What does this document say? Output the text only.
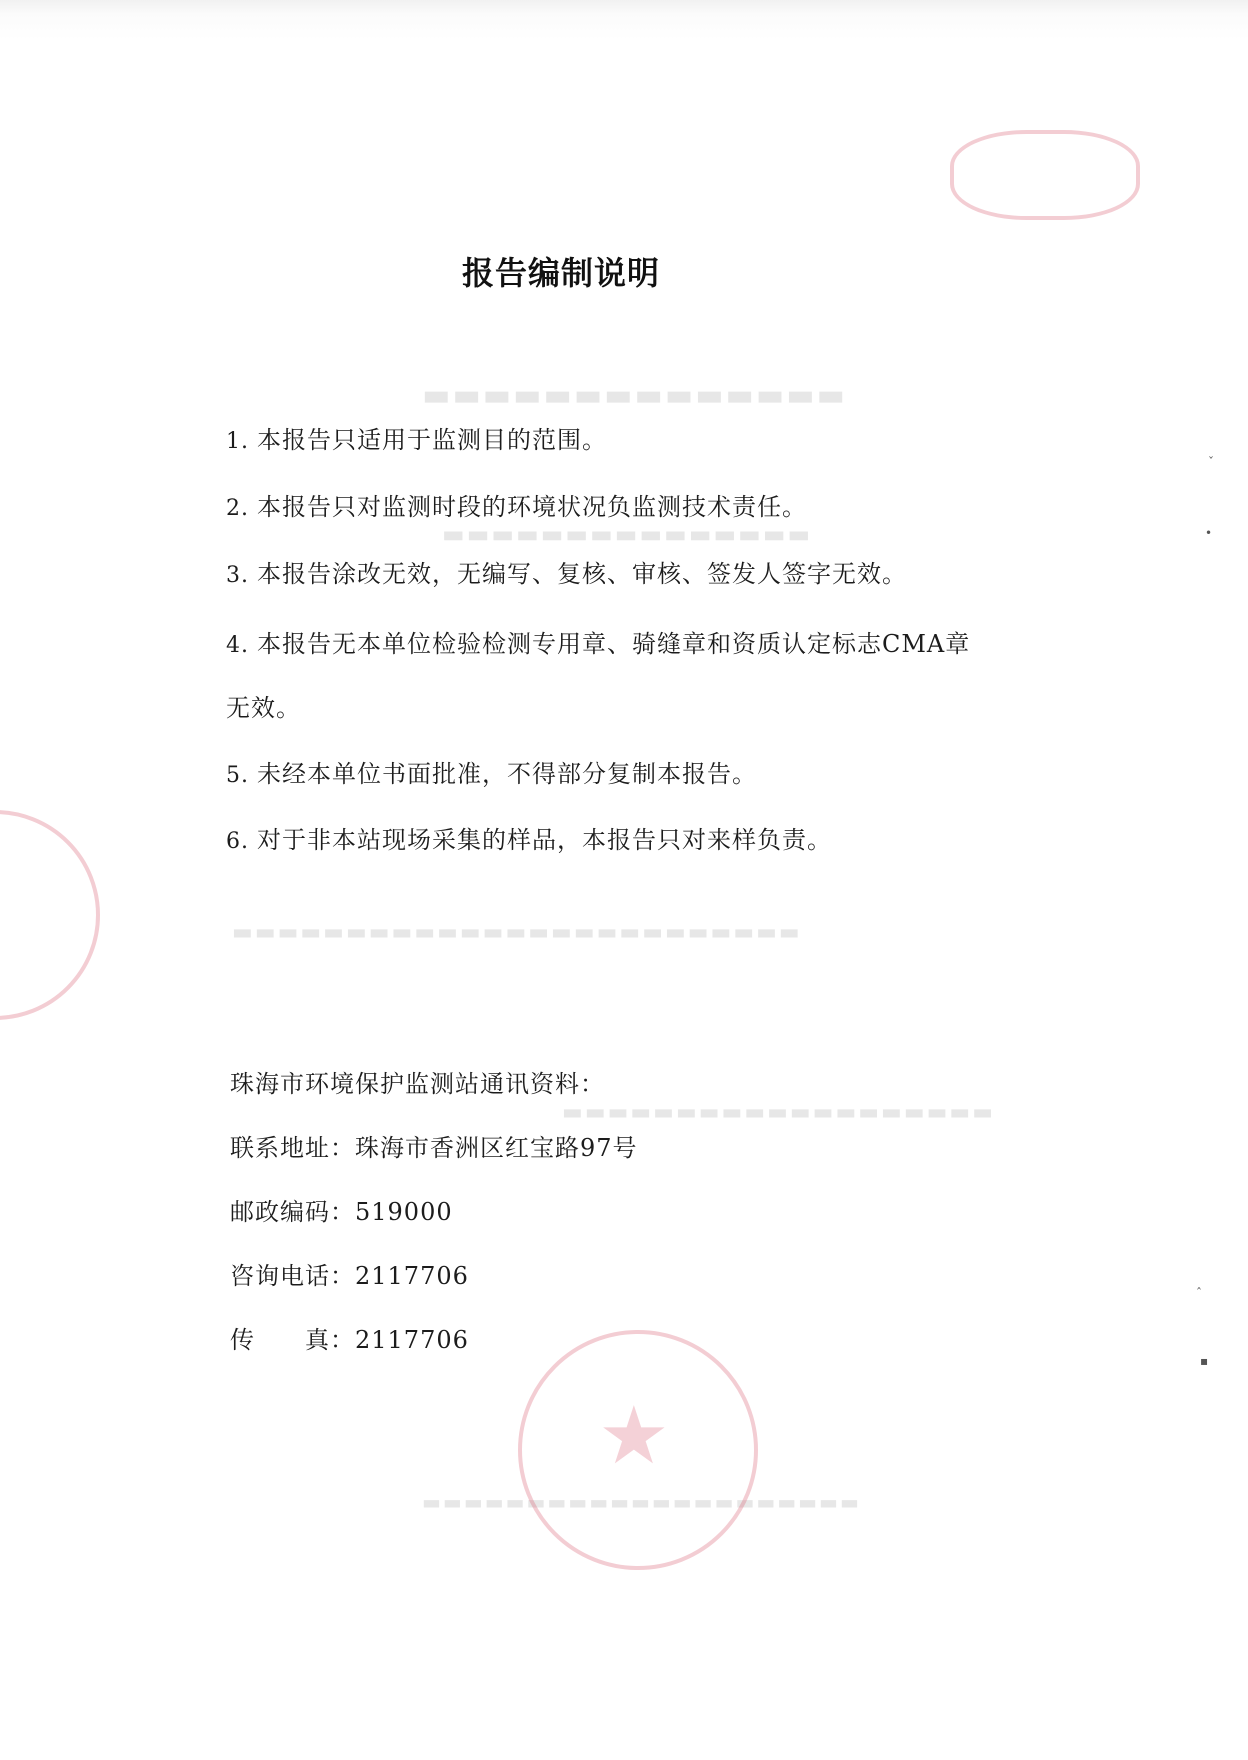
▬▬▬▬▬▬▬▬▬▬▬▬▬▬
▬▬▬▬▬▬▬▬▬▬▬▬▬▬▬
▬▬▬▬▬▬▬▬▬▬▬▬▬▬▬▬▬▬▬▬▬▬▬▬▬
▬▬▬▬▬▬▬▬▬▬▬▬▬▬▬▬▬▬▬
▬▬▬▬▬▬▬▬▬▬▬▬▬▬▬▬▬▬▬▬▬
★
ˇ
•
ˆ
▪
报告编制说明
1. 本报告只适用于监测目的范围。
2. 本报告只对监测时段的环境状况负监测技术责任。
3. 本报告涂改无效，无编写、复核、审核、签发人签字无效。
4. 本报告无本单位检验检测专用章、骑缝章和资质认定标志CMA章
无效。
5. 未经本单位书面批准，不得部分复制本报告。
6. 对于非本站现场采集的样品，本报告只对来样负责。
珠海市环境保护监测站通讯资料：
联系地址：珠海市香洲区红宝路97号
邮政编码：519000
咨询电话：2117706
传　　真：2117706
